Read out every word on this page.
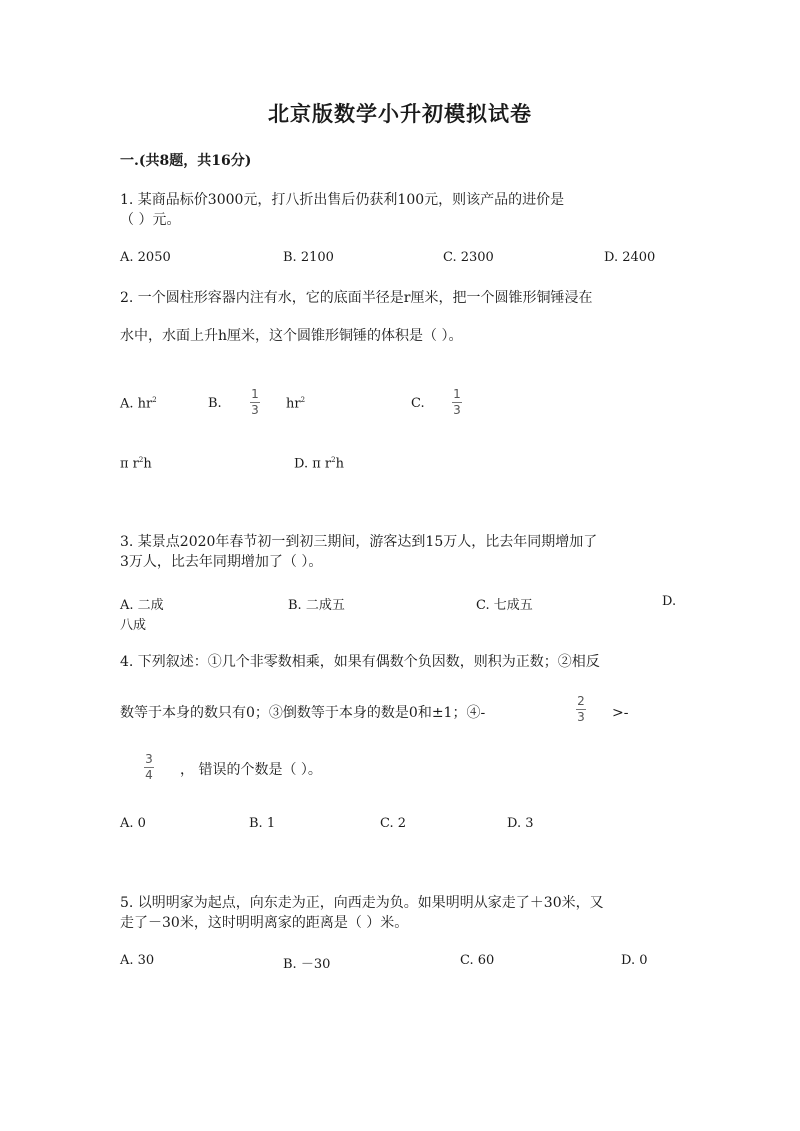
北京版数学小升初模拟试卷
一.(共8题，共16分)
1. 某商品标价3000元，打八折出售后仍获利100元，则该产品的进价是
（ ）元。
A. 2050	B. 2100	C. 2300	D. 2400
2. 一个圆柱形容器内注有水，它的底面半径是r厘米，把一个圆锥形铜锤浸在
水中，水面上升h厘米，这个圆锥形铜锤的体积是（ ）。
A. $hr^2$	B.
1
3 $hr^2$	C.
1
3
π $r^2h$	D. π $r^2h$
3. 某景点2020年春节初一到初三期间，游客达到15万人，比去年同期增加了
3万人，比去年同期增加了（ ）。
A. 二成	B. 二成五	C. 七成五	D.
八成
4. 下列叙述：①几个非零数相乘，如果有偶数个负因数，则积为正数；②相反
数等于本身的数只有0；③倒数等于本身的数是0和±1；④-
2
3 >-
3
4 ， 错误的个数是（ ）。
A. 0	B. 1	C. 2	D. 3
5. 以明明家为起点，向东走为正，向西走为负。如果明明从家走了＋30米，又
走了－30米，这时明明离家的距离是（ ）米。
A. 30	B. －30	C. 60	D. 0
